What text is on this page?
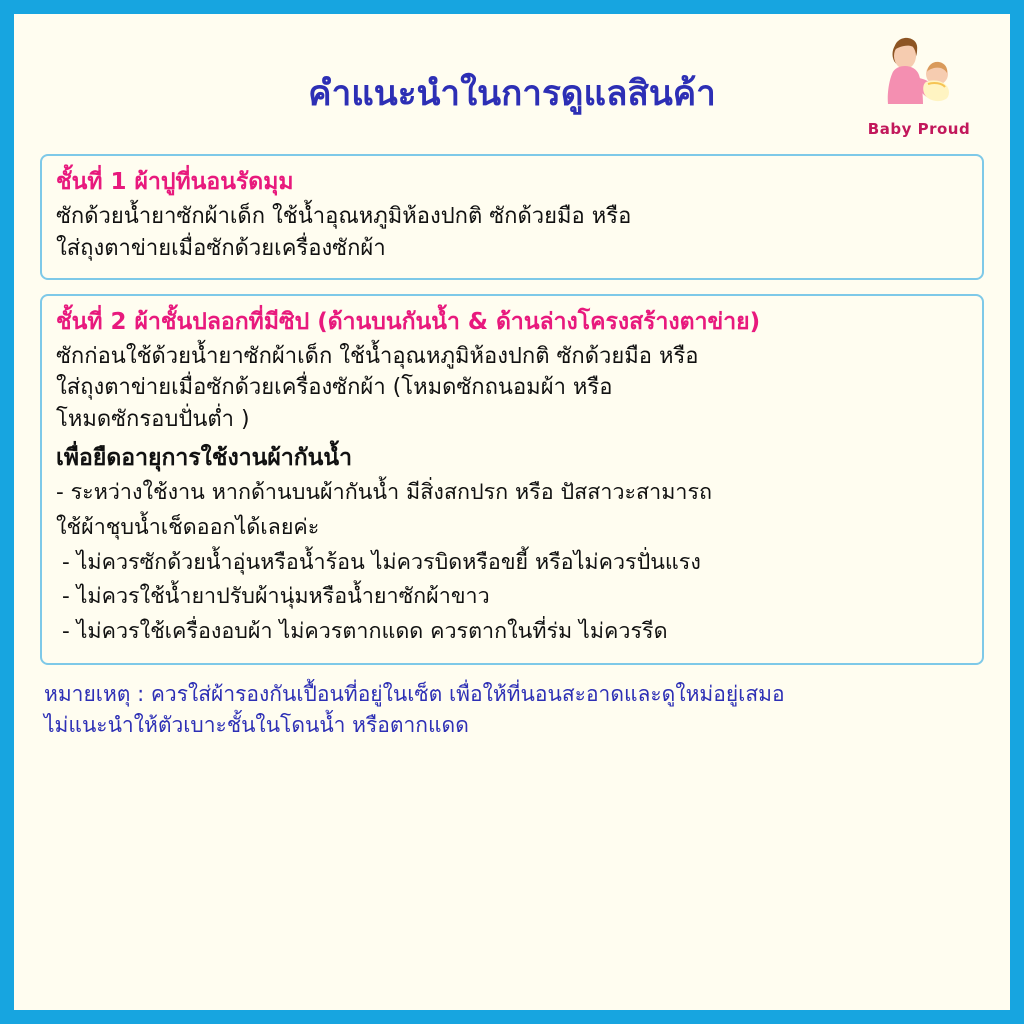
คำแนะนำในการดูแลสินค้า
Baby Proud
ชั้นที่ 1 ผ้าปูที่นอนรัดมุม
ซักด้วยน้ำยาซักผ้าเด็ก ใช้น้ำอุณหภูมิห้องปกติ ซักด้วยมือ หรือ
ใส่ถุงตาข่ายเมื่อซักด้วยเครื่องซักผ้า
ชั้นที่ 2 ผ้าชั้นปลอกที่มีซิป (ด้านบนกันน้ำ & ด้านล่างโครงสร้างตาข่าย)
ซักก่อนใช้ด้วยน้ำยาซักผ้าเด็ก ใช้น้ำอุณหภูมิห้องปกติ ซักด้วยมือ หรือ
ใส่ถุงตาข่ายเมื่อซักด้วยเครื่องซักผ้า (โหมดซักถนอมผ้า หรือ
โหมดซักรอบปั่นต่ำ )
เพื่อยืดอายุการใช้งานผ้ากันน้ำ
- ระหว่างใช้งาน หากด้านบนผ้ากันน้ำ มีสิ่งสกปรก หรือ ปัสสาวะสามารถ
ใช้ผ้าชุบน้ำเช็ดออกได้เลยค่ะ
- ไม่ควรซักด้วยน้ำอุ่นหรือน้ำร้อน ไม่ควรบิดหรือขยี้ หรือไม่ควรปั่นแรง
- ไม่ควรใช้น้ำยาปรับผ้านุ่มหรือน้ำยาซักผ้าขาว
- ไม่ควรใช้เครื่องอบผ้า ไม่ควรตากแดด ควรตากในที่ร่ม ไม่ควรรีด
หมายเหตุ : ควรใส่ผ้ารองกันเปื้อนที่อยู่ในเซ็ต เพื่อให้ที่นอนสะอาดและดูใหม่อยู่เสมอ
ไม่แนะนำให้ตัวเบาะชั้นในโดนน้ำ หรือตากแดด
